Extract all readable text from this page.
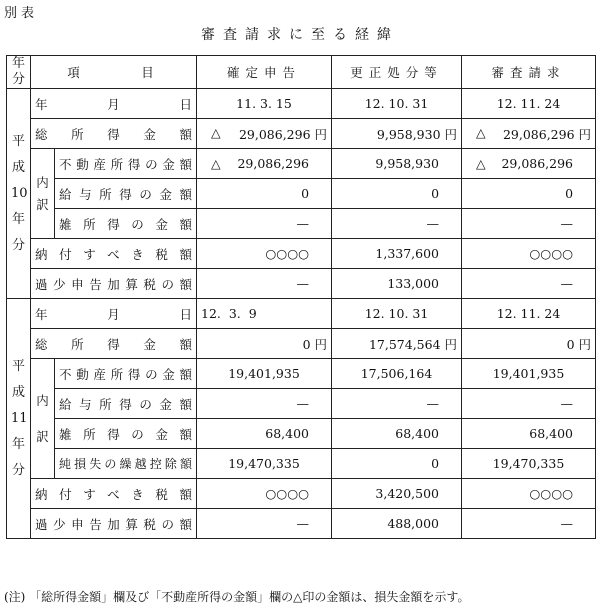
別表
審査請求に至る経緯
年
分	項　　　目		確定申告	更正処分等	審査請求

平
成
10
年
分	年　　月　　日		11. 3. 15	12. 10. 31	12. 11. 24
	総所得金額		△ 29,086,296 円	9,958,930 円	△ 29,086,296 円

	内
訳	不動産所得の金額	△ 29,086,296	9,958,930	△ 29,086,296
		給与所得の金額	0	0	0
		雑所得の金額	—	—	—
	納付すべき税額		○○○○	1,337,600	○○○○
	過少申告加算税の額		—	133,000	—

平
成
11
年
分	年　　月　　日		12.  3.  9	12. 10. 31	12. 11. 24
	総所得金額		0 円	17,574,564 円	0 円

	内
訳	不動産所得の金額	19,401,935	17,506,164	19,401,935
		給与所得の金額	—	—	—
		雑所得の金額	68,400	68,400	68,400
		純損失の繰越控除額	19,470,335	0	19,470,335
	納付すべき税額		○○○○	3,420,500	○○○○
	過少申告加算税の額		—	488,000	—
(注) 「総所得金額」欄及び「不動産所得の金額」欄の△印の金額は、損失金額を示す。
